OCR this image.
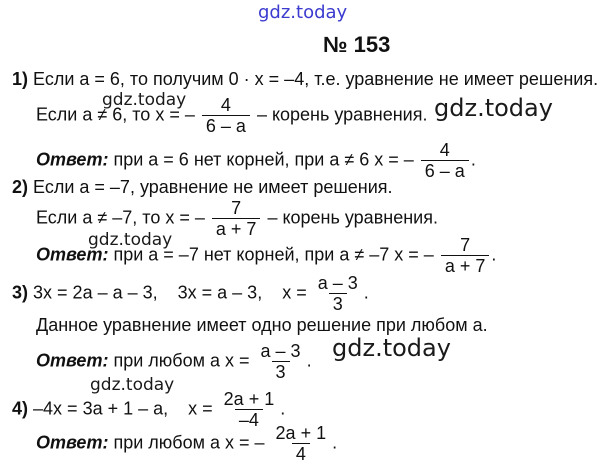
gdz.today
№ 153
1) Если a = 6, то получим 0 · x = –4, т.е. уравнение не имеет решения.
Если a ≠ 6, то x = – $\frac{4}{6 - a}$ – корень уравнения.
Ответ: при a = 6 нет корней, при a ≠ 6 x = – $\frac{4}{6 - a}$ .
2) Если a = –7, уравнение не имеет решения.
Если a ≠ –7, то x = – $\frac{7}{a + 7}$ – корень уравнения.
Ответ: при a = –7 нет корней, при a ≠ –7 x = – $\frac{7}{a + 7}$ .
3) 3x = 2a – a – 3,    3x = a – 3,    $x = \frac{a - 3}{3}$ .
Данное уравнение имеет одно решение при любом a.
Ответ: при любом a $x = \frac{a - 3}{3}$ .
4) –4x = 3a + 1 – a,    $x = \frac{2a + 1}{-4}$ .
Ответ: при любом a x = – $\frac{2a + 1}{4}$ .
gdz.today	gdz.today
gdz.today
gdz.today
gdz.today
